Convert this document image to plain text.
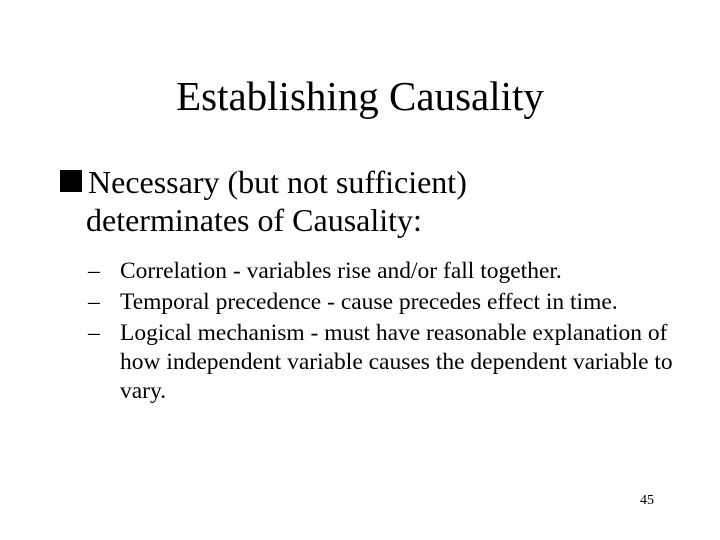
Establishing Causality
Necessary (but not sufficient)
determinates of Causality:
– Correlation - variables rise and/or fall together.
– Temporal precedence - cause precedes effect in time.
– Logical mechanism - must have reasonable explanation of how independent variable causes the dependent variable to vary.
45
